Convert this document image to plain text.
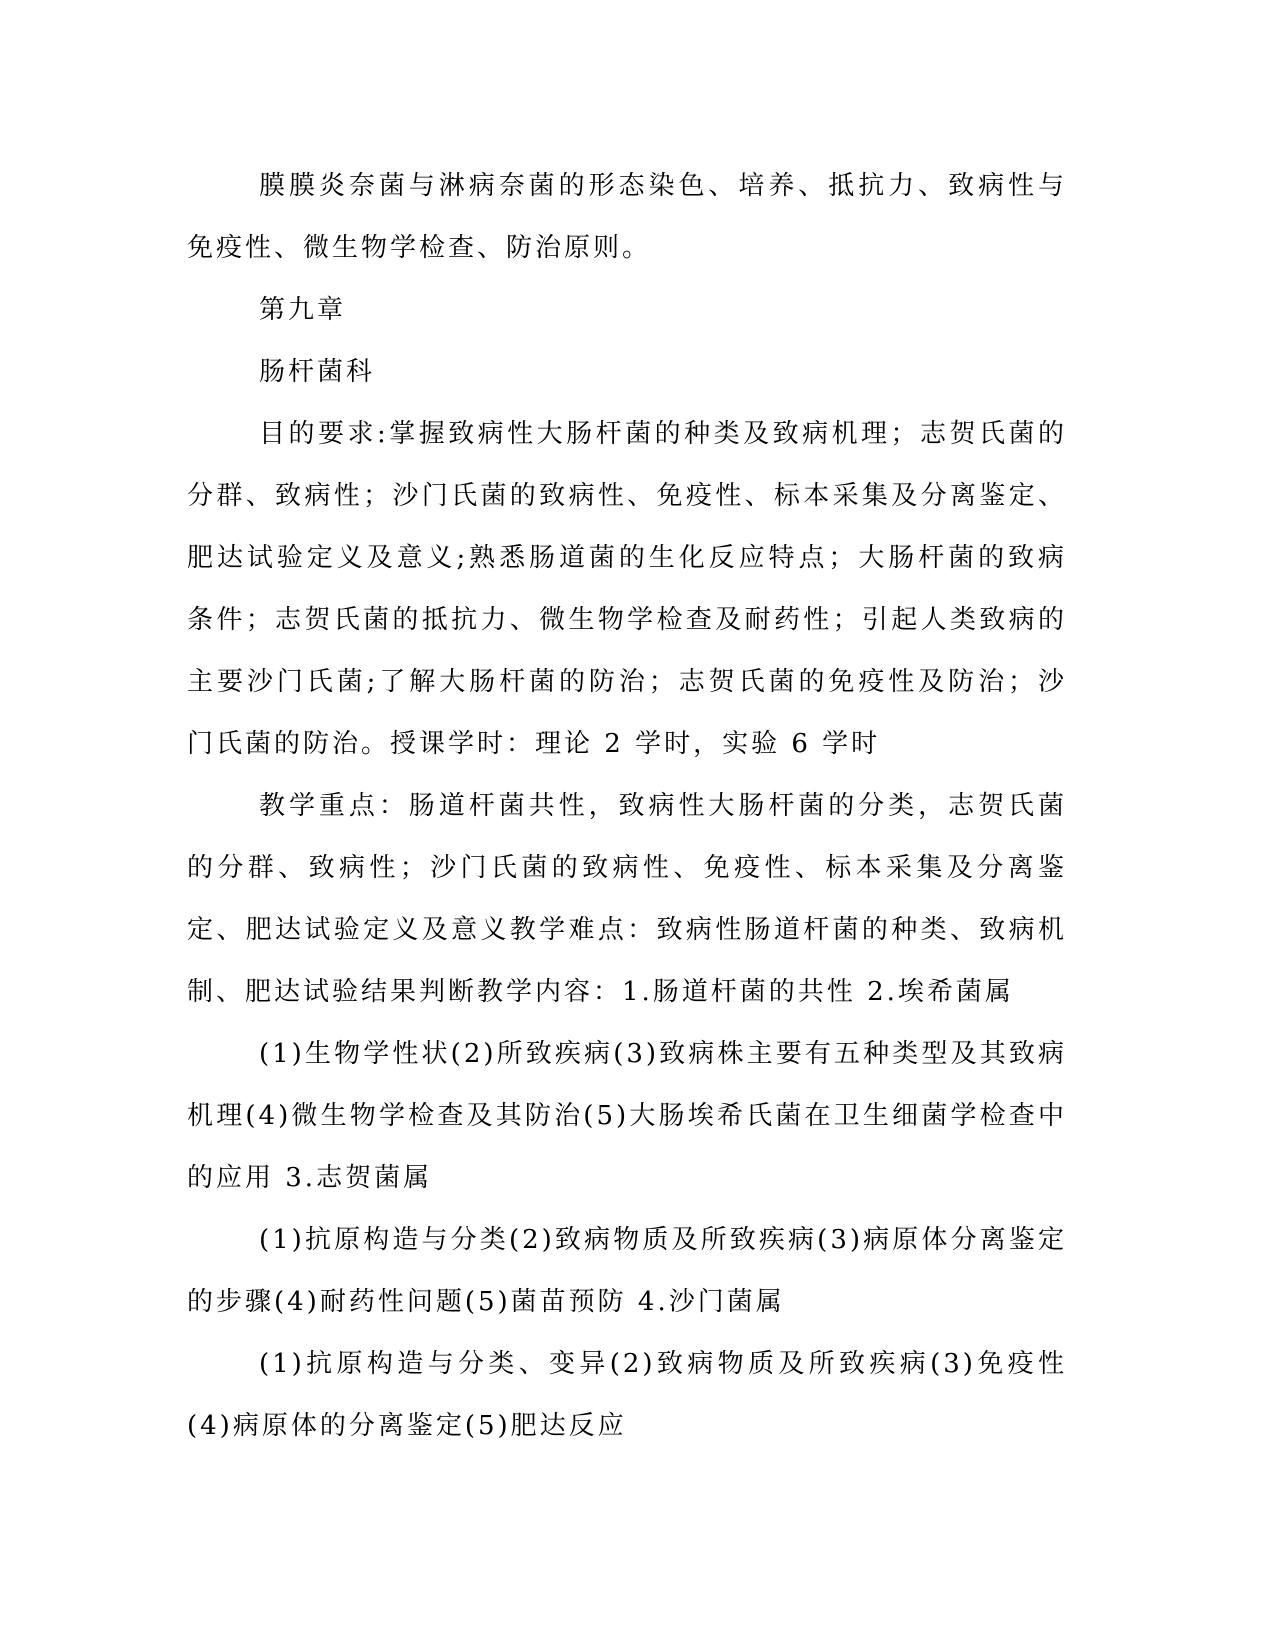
膜膜炎奈菌与淋病奈菌的形态染色、培养、抵抗力、致病性与免疫性、微生物学检查、防治原则。

第九章

肠杆菌科

目的要求:掌握致病性大肠杆菌的种类及致病机理；志贺氏菌的分群、致病性；沙门氏菌的致病性、免疫性、标本采集及分离鉴定、肥达试验定义及意义;熟悉肠道菌的生化反应特点；大肠杆菌的致病条件；志贺氏菌的抵抗力、微生物学检查及耐药性；引起人类致病的主要沙门氏菌;了解大肠杆菌的防治；志贺氏菌的免疫性及防治；沙门氏菌的防治。授课学时：理论 2 学时，实验 6 学时

教学重点：肠道杆菌共性，致病性大肠杆菌的分类，志贺氏菌的分群、致病性；沙门氏菌的致病性、免疫性、标本采集及分离鉴定、肥达试验定义及意义教学难点：致病性肠道杆菌的种类、致病机制、肥达试验结果判断教学内容：1.肠道杆菌的共性 2.埃希菌属

(1)生物学性状(2)所致疾病(3)致病株主要有五种类型及其致病机理(4)微生物学检查及其防治(5)大肠埃希氏菌在卫生细菌学检查中的应用 3.志贺菌属

(1)抗原构造与分类(2)致病物质及所致疾病(3)病原体分离鉴定的步骤(4)耐药性问题(5)菌苗预防 4.沙门菌属

(1)抗原构造与分类、变异(2)致病物质及所致疾病(3)免疫性(4)病原体的分离鉴定(5)肥达反应
